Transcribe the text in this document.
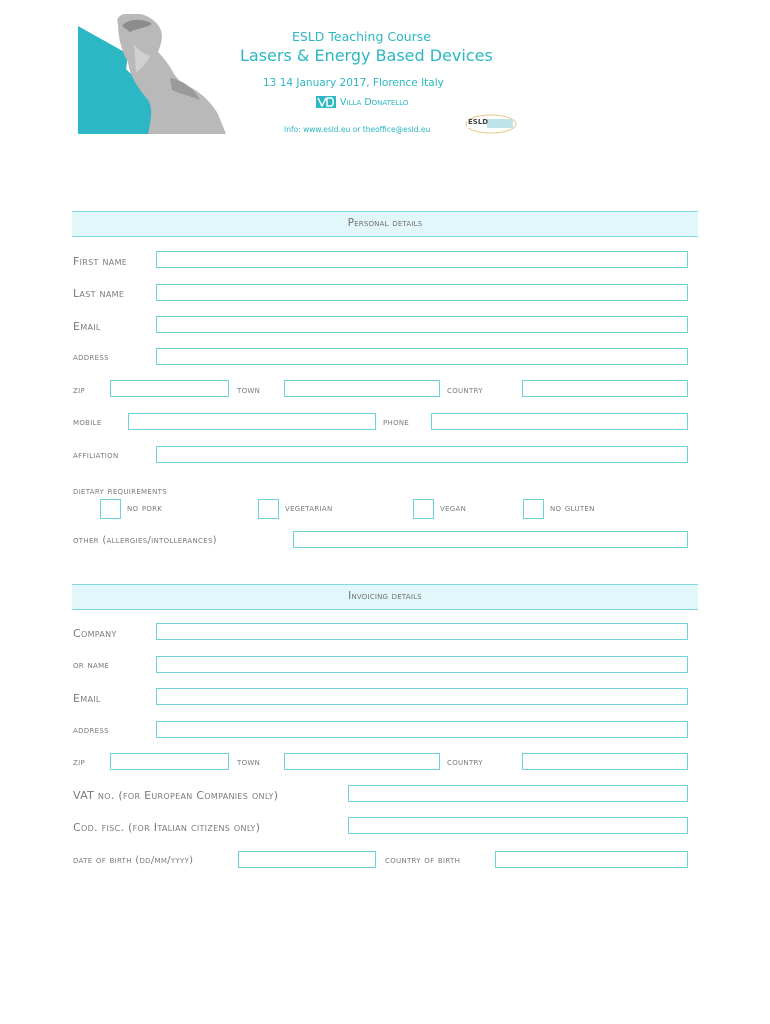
ESLD Teaching Course
Lasers & Energy Based Devices
13 14 January 2017, Florence Italy
Villa Donatello
Info: www.esld.eu or theoffice@esld.eu
ESLD
Personal details
First name
Last name
Email
address
zip	town	country
mobile	phone
affiliation
dietary requirements
no pork	vegetarian	vegan	no gluten
other (allergies/intollerances)
Invoicing details
Company
or name
Email
address
zip	town	country
VAT no. (for European Companies only)
Cod. fisc. (for Italian citizens only)
date of birth (dd/mm/yyyy)	country of birth
